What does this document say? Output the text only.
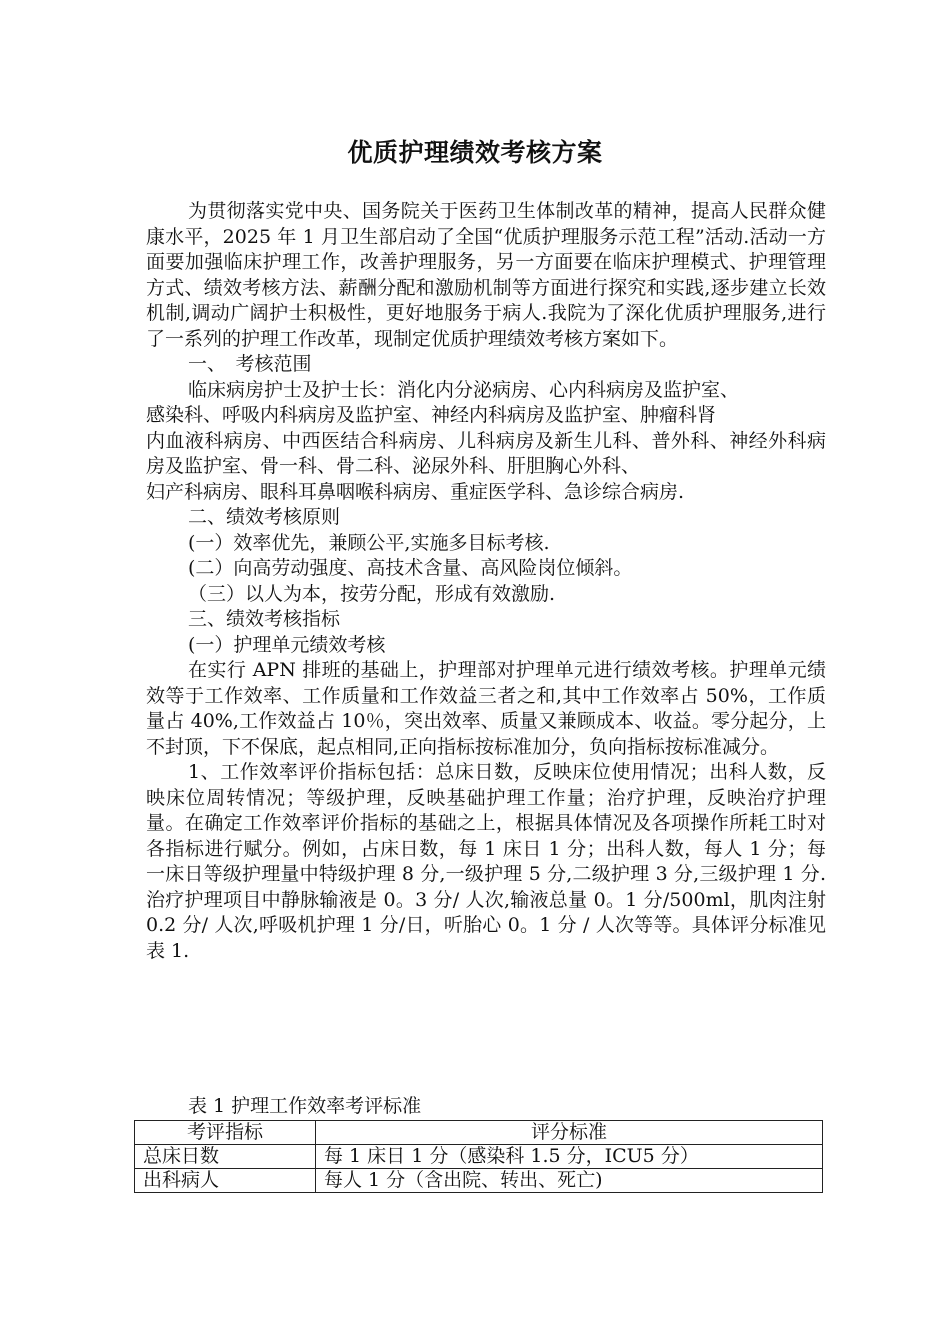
优质护理绩效考核方案

为贯彻落实党中央、国务院关于医药卫生体制改革的精神，提高人民群众健康水平，2025 年 1 月卫生部启动了全国“优质护理服务示范工程”活动.活动一方面要加强临床护理工作，改善护理服务，另一方面要在临床护理模式、护理管理方式、绩效考核方法、薪酬分配和激励机制等方面进行探究和实践,逐步建立长效机制,调动广阔护士积极性，更好地服务于病人.我院为了深化优质护理服务,进行了一系列的护理工作改革，现制定优质护理绩效考核方案如下。

一、　考核范围

临床病房护士及护士长：消化内分泌病房、心内科病房及监护室、

感染科、呼吸内科病房及监护室、神经内科病房及监护室、肿瘤科肾

内血液科病房、中西医结合科病房、儿科病房及新生儿科、普外科、神经外科病房及监护室、骨一科、骨二科、泌尿外科、肝胆胸心外科、

妇产科病房、眼科耳鼻咽喉科病房、重症医学科、急诊综合病房.

二、绩效考核原则

(一）效率优先，兼顾公平,实施多目标考核.

(二）向高劳动强度、高技术含量、高风险岗位倾斜。

（三）以人为本，按劳分配，形成有效激励.

三、绩效考核指标

(一）护理单元绩效考核

在实行 APN 排班的基础上，护理部对护理单元进行绩效考核。护理单元绩效等于工作效率、工作质量和工作效益三者之和,其中工作效率占 50%，工作质量占 40%,工作效益占 10％，突出效率、质量又兼顾成本、收益。零分起分，上不封顶，下不保底，起点相同,正向指标按标准加分，负向指标按标准减分。

1、工作效率评价指标包括：总床日数，反映床位使用情况；出科人数，反映床位周转情况；等级护理，反映基础护理工作量；治疗护理，反映治疗护理量。在确定工作效率评价指标的基础之上，根据具体情况及各项操作所耗工时对各指标进行赋分。例如，占床日数，每 1 床日 1 分；出科人数，每人 1 分；每一床日等级护理量中特级护理 8 分,一级护理 5 分,二级护理 3 分,三级护理 1 分.治疗护理项目中静脉输液是 0。3 分/ 人次,输液总量 0。1 分/500ml，肌肉注射 0.2 分/ 人次,呼吸机护理 1 分/日，听胎心 0。1 分 / 人次等等。具体评分标准见表 1.

表 1 护理工作效率考评标准
考评指标	评分标准
总床日数	每 1 床日 1 分（感染科 1.5 分，ICU5 分）
出科病人	每人 1 分（含出院、转出、死亡)
